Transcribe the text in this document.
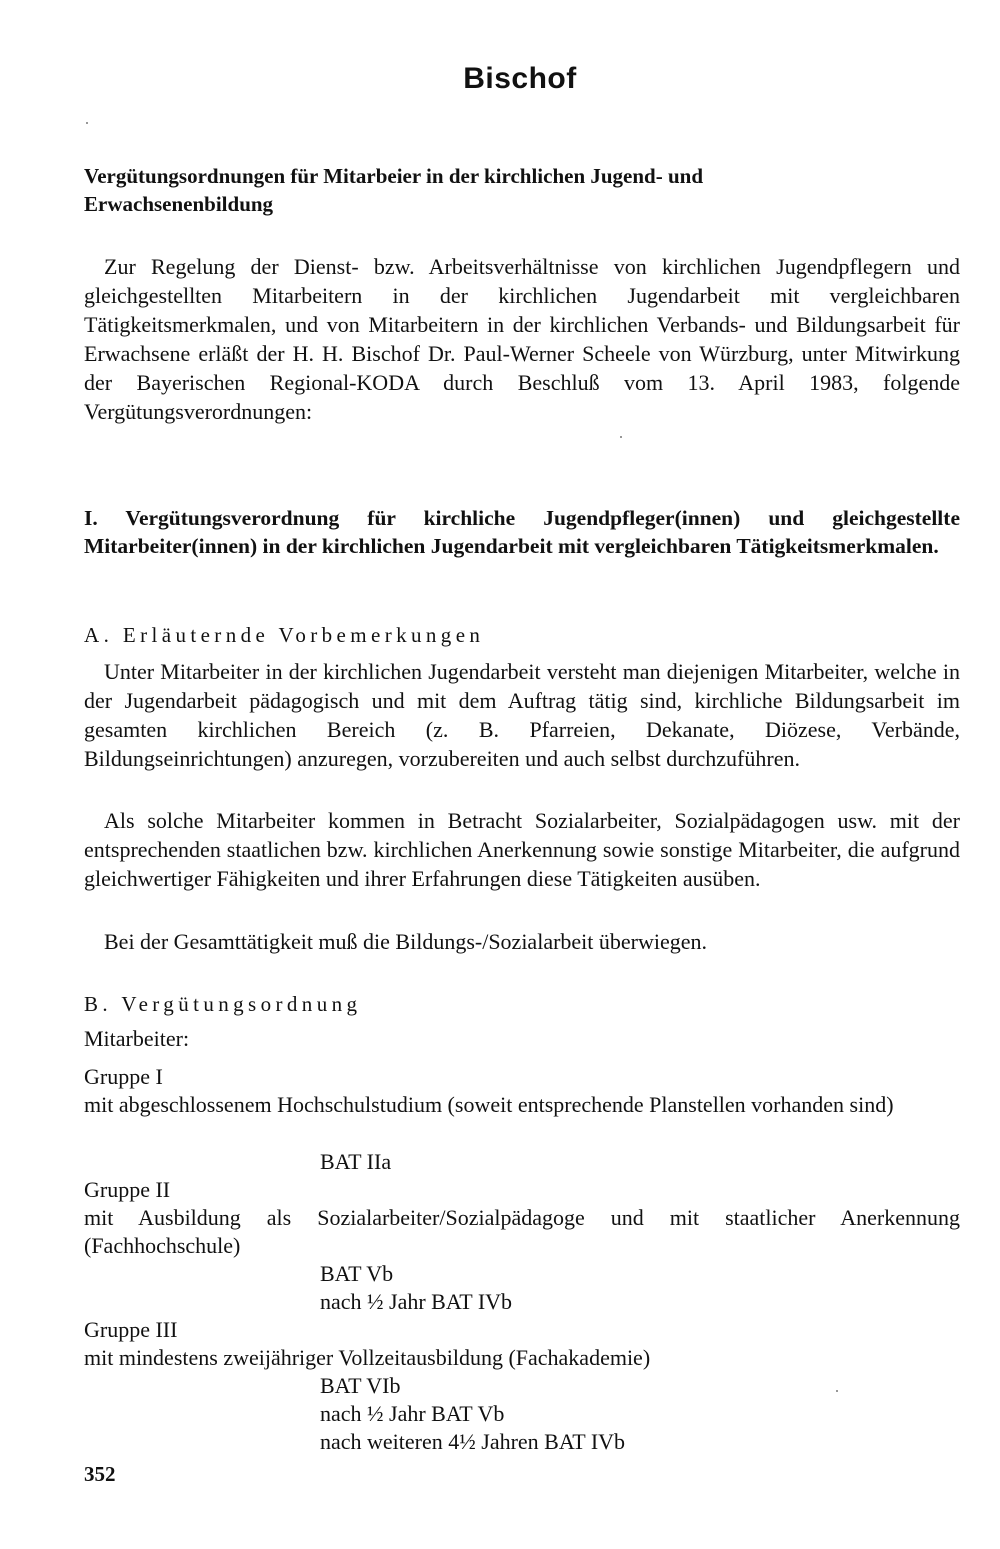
Bischof
Vergütungsordnungen für Mitarbeier in der kirchlichen Jugend- und Erwachsenenbildung

Zur Regelung der Dienst- bzw. Arbeitsverhältnisse von kirchlichen Jugendpflegern und gleichgestellten Mitarbeitern in der kirchlichen Jugendarbeit mit vergleichbaren Tätigkeitsmerkmalen, und von Mitarbeitern in der kirchlichen Verbands- und Bildungsarbeit für Erwachsene erläßt der H. H. Bischof Dr. Paul-Werner Scheele von Würzburg, unter Mitwirkung der Bayerischen Regional-KODA durch Beschluß vom 13. April 1983, folgende Vergütungsverordnungen:

I. Vergütungsverordnung für kirchliche Jugendpfleger(innen) und gleichgestellte Mitarbeiter(innen) in der kirchlichen Jugendarbeit mit vergleichbaren Tätigkeitsmerkmalen.

A. Erläuternde Vorbemerkungen

Unter Mitarbeiter in der kirchlichen Jugendarbeit versteht man diejenigen Mitarbeiter, welche in der Jugendarbeit pädagogisch und mit dem Auftrag tätig sind, kirchliche Bildungsarbeit im gesamten kirchlichen Bereich (z. B. Pfarreien, Dekanate, Diözese, Verbände, Bildungseinrichtungen) anzuregen, vorzubereiten und auch selbst durchzuführen.

Als solche Mitarbeiter kommen in Betracht Sozialarbeiter, Sozialpädagogen usw. mit der entsprechenden staatlichen bzw. kirchlichen Anerkennung sowie sonstige Mitarbeiter, die aufgrund gleichwertiger Fähigkeiten und ihrer Erfahrungen diese Tätigkeiten ausüben.

Bei der Gesamttätigkeit muß die Bildungs-/Sozialarbeit überwiegen.

B. Vergütungsordnung

Mitarbeiter:

Gruppe I

mit abgeschlossenem Hochschulstudium (soweit entsprechende Planstellen vorhanden sind)

BAT IIa

Gruppe II

mit Ausbildung als Sozialarbeiter/Sozialpädagoge und mit staatlicher Anerkennung (Fachhochschule)

BAT Vb

nach ½ Jahr BAT IVb

Gruppe III

mit mindestens zweijähriger Vollzeitausbildung (Fachakademie)

BAT VIb

nach ½ Jahr BAT Vb

nach weiteren 4½ Jahren BAT IVb

352
